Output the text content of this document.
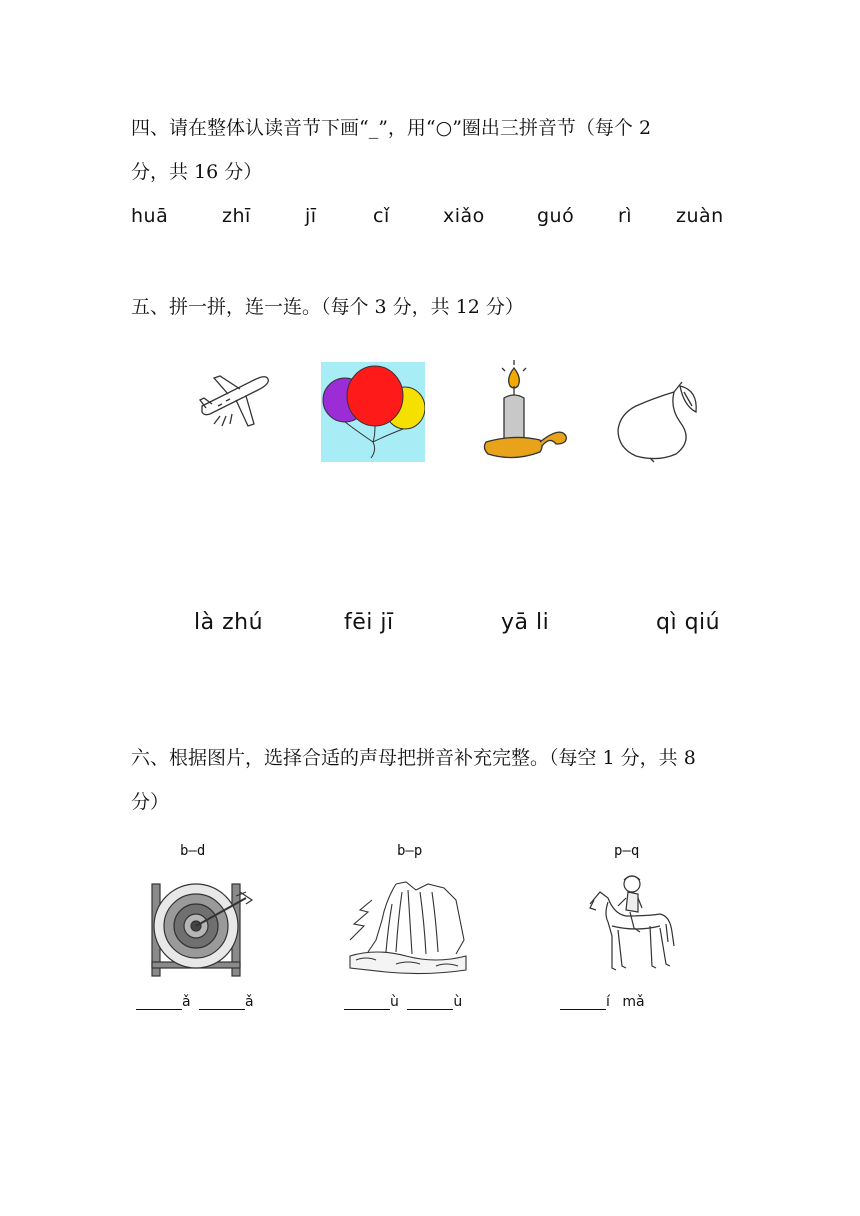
四、请在整体认读音节下画“_”，用“○”圈出三拼音节（每个 2
分，共 16 分）
huā	zhī	jī	cǐ	xiǎo	guó rì zuàn
五、拼一拼，连一连。（每个 3 分，共 12 分）
là zhú	fēi jī	yā li	qì qiú
六、根据图片，选择合适的声母把拼音补充完整。（每空 1 分，共 8
分）
b—d	b—p	p—q
ǎ	ǎ	ù	ù	í mǎ
